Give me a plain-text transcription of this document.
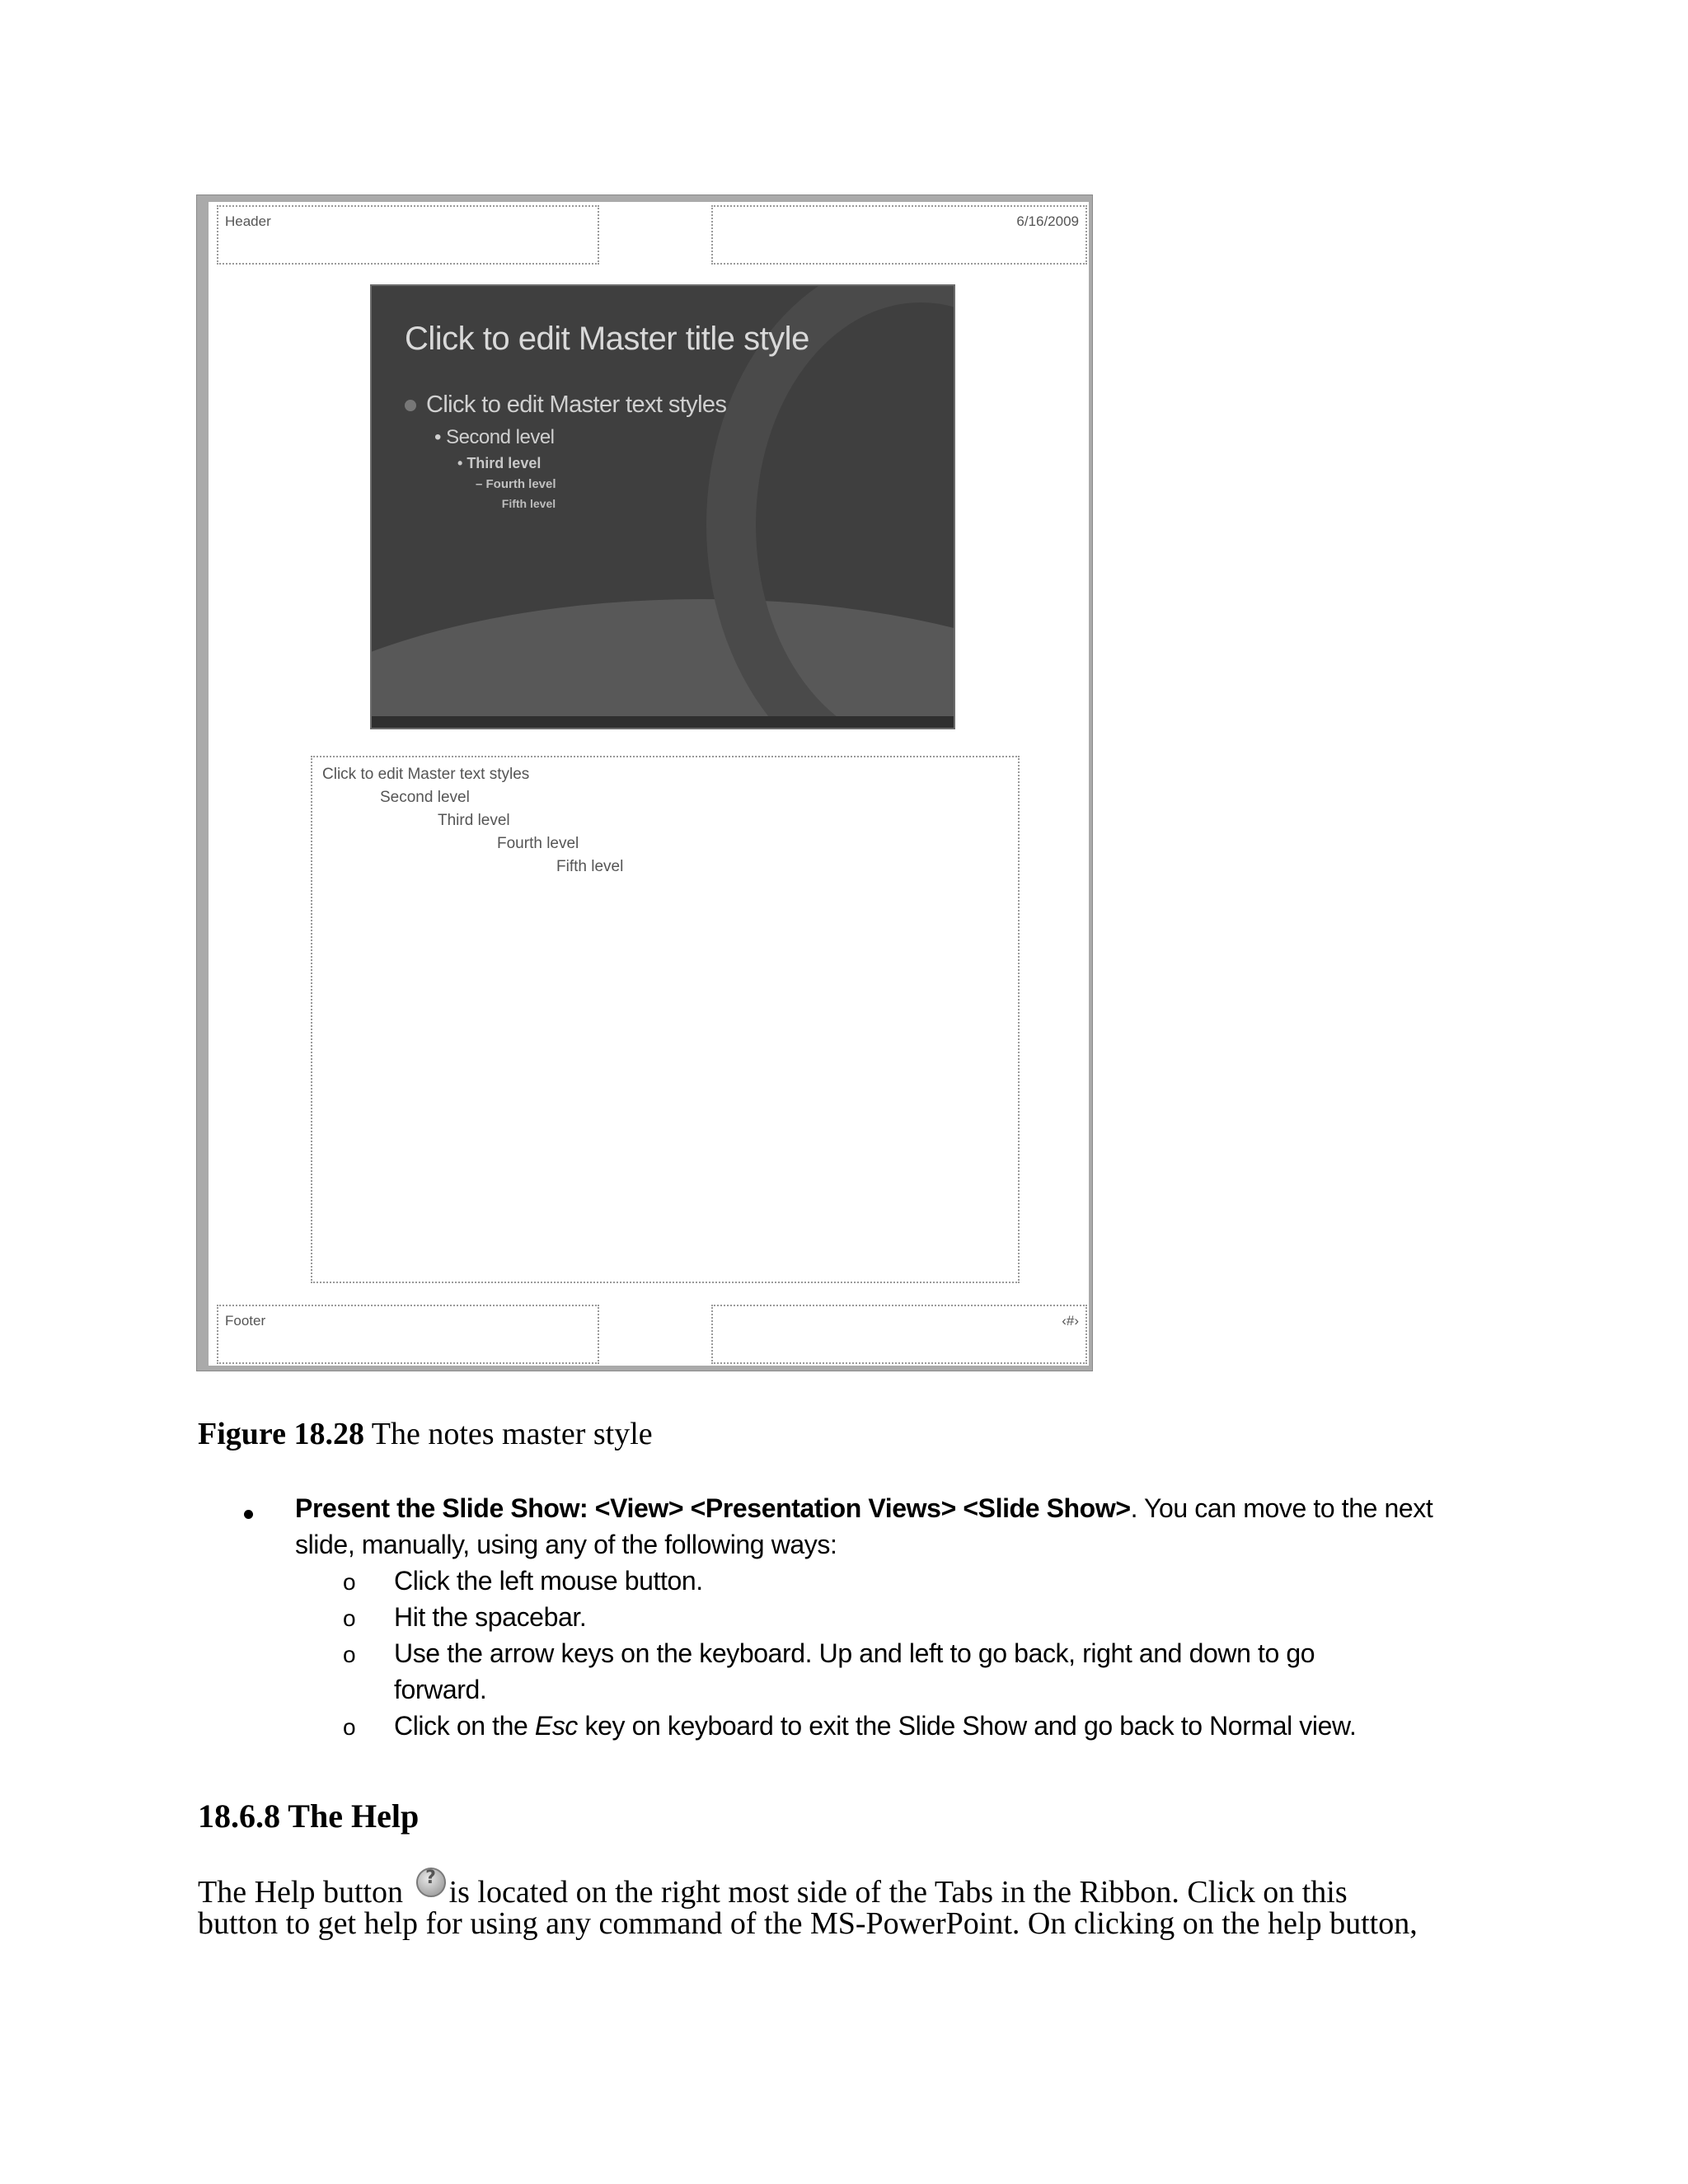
Header	6/16/2009
Click to edit Master title style
Click to edit Master text styles
• Second level
• Third level
– Fourth level
Fifth level
Click to edit Master text styles
Second level
Third level
Fourth level
Fifth level
Footer	‹#›
Figure 18.28 The notes master style
Present the Slide Show: <View> <Presentation Views> <Slide Show>. You can move to the next
slide, manually, using any of the following ways:
o Click the left mouse button.
o Hit the spacebar.
o Use the arrow keys on the keyboard. Up and left to go back, right and down to go
forward.
o Click on the Esc key on keyboard to exit the Slide Show and go back to Normal view.
18.6.8 The Help
The Help button ?is located on the right most side of the Tabs in the Ribbon. Click on this
button to get help for using any command of the MS-PowerPoint. On clicking on the help button,
